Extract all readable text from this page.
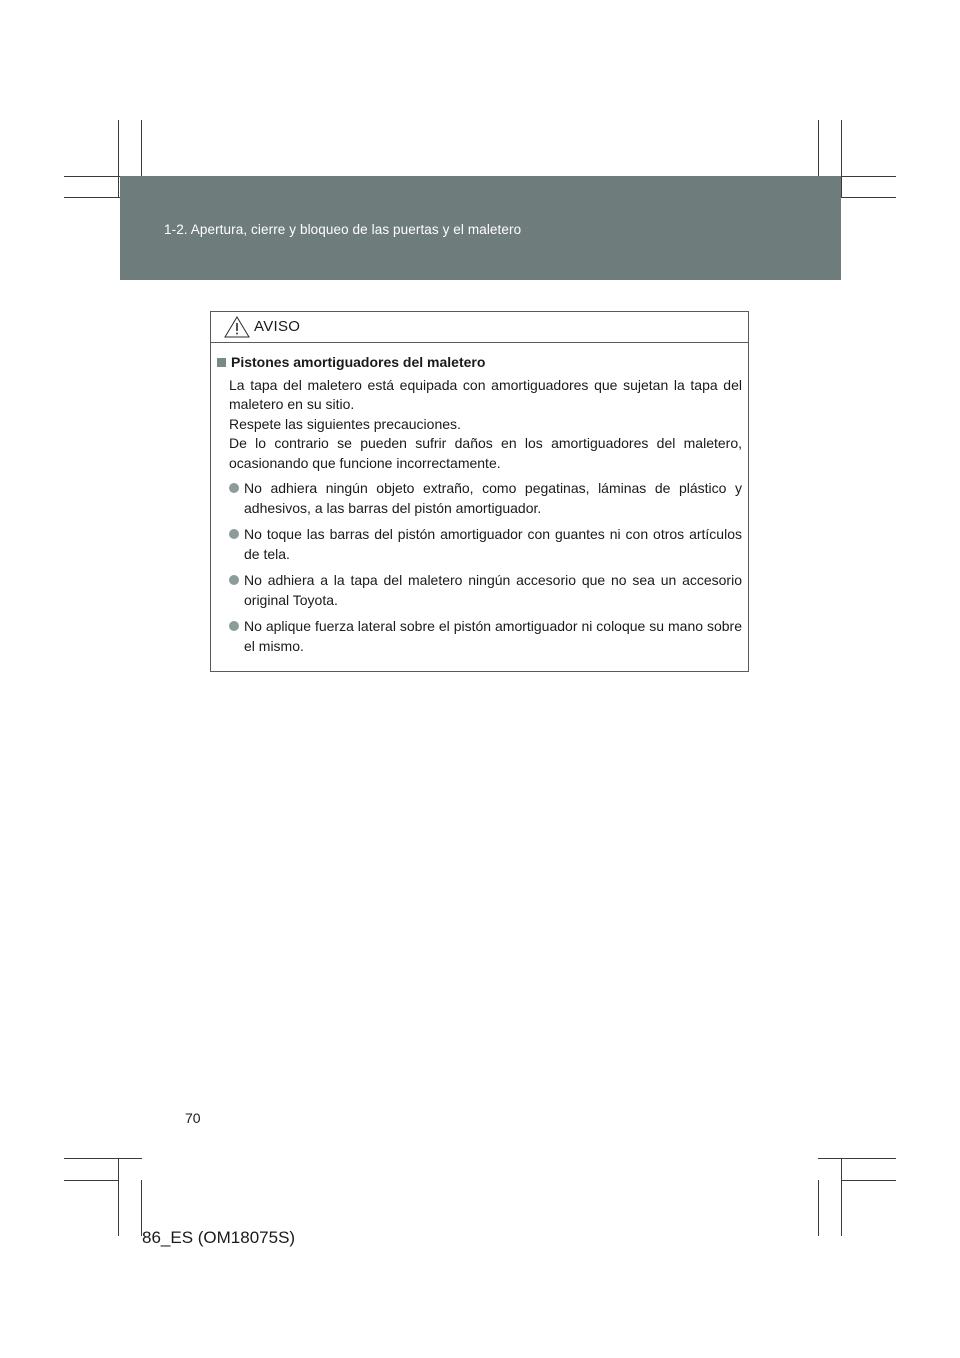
1-2. Apertura, cierre y bloqueo de las puertas y el maletero
AVISO
Pistones amortiguadores del maletero

La tapa del maletero está equipada con amortiguadores que sujetan la tapa del maletero en su sitio.
Respete las siguientes precauciones.
De lo contrario se pueden sufrir daños en los amortiguadores del maletero, ocasionando que funcione incorrectamente.

No adhiera ningún objeto extraño, como pegatinas, láminas de plástico y adhesivos, a las barras del pistón amortiguador.
No toque las barras del pistón amortiguador con guantes ni con otros artículos de tela.
No adhiera a la tapa del maletero ningún accesorio que no sea un accesorio original Toyota.
No aplique fuerza lateral sobre el pistón amortiguador ni coloque su mano sobre el mismo.
70
86_ES (OM18075S)
